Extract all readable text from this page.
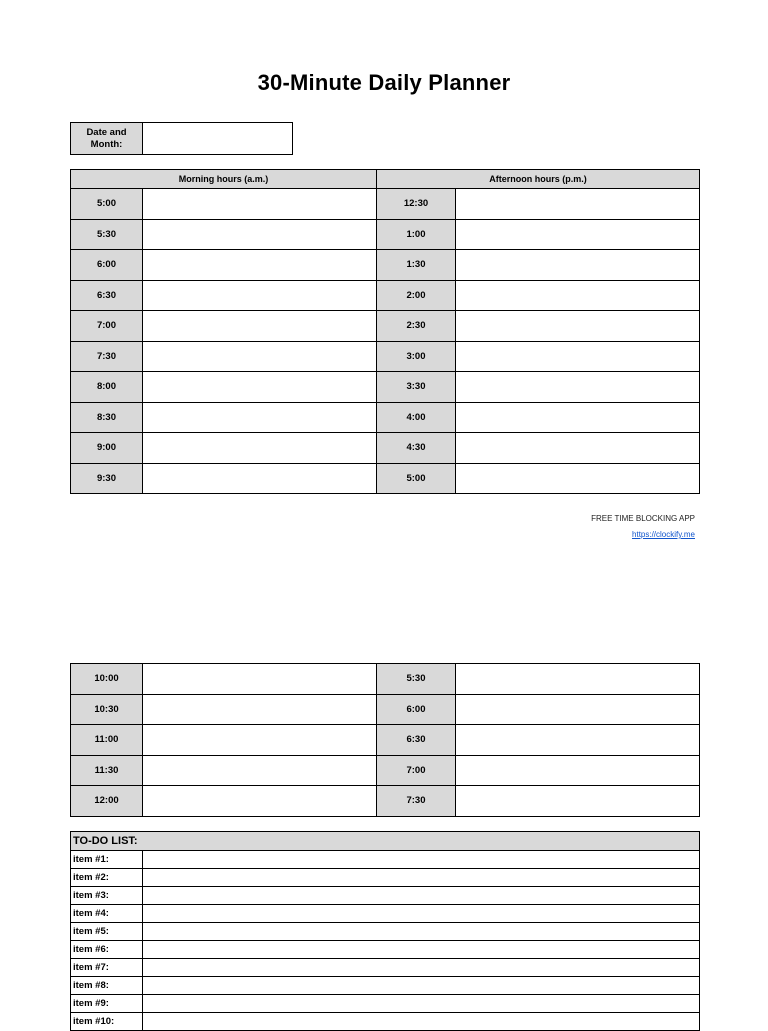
30-Minute Daily Planner
Date and Month:	
Morning hours (a.m.)		Afternoon hours (p.m.)	
5:00		12:30	
5:30		1:00	
6:00		1:30	
6:30		2:00	
7:00		2:30	
7:30		3:00	
8:00		3:30	
8:30		4:00	
9:00		4:30	
9:30		5:00	
FREE TIME BLOCKING APP
https://clockify.me
10:00		5:30	
10:30		6:00	
11:00		6:30	
11:30		7:00	
12:00		7:30	
TO-DO LIST:	
item #1:	
item #2:	
item #3:	
item #4:	
item #5:	
item #6:	
item #7:	
item #8:	
item #9:	
item #10:	
